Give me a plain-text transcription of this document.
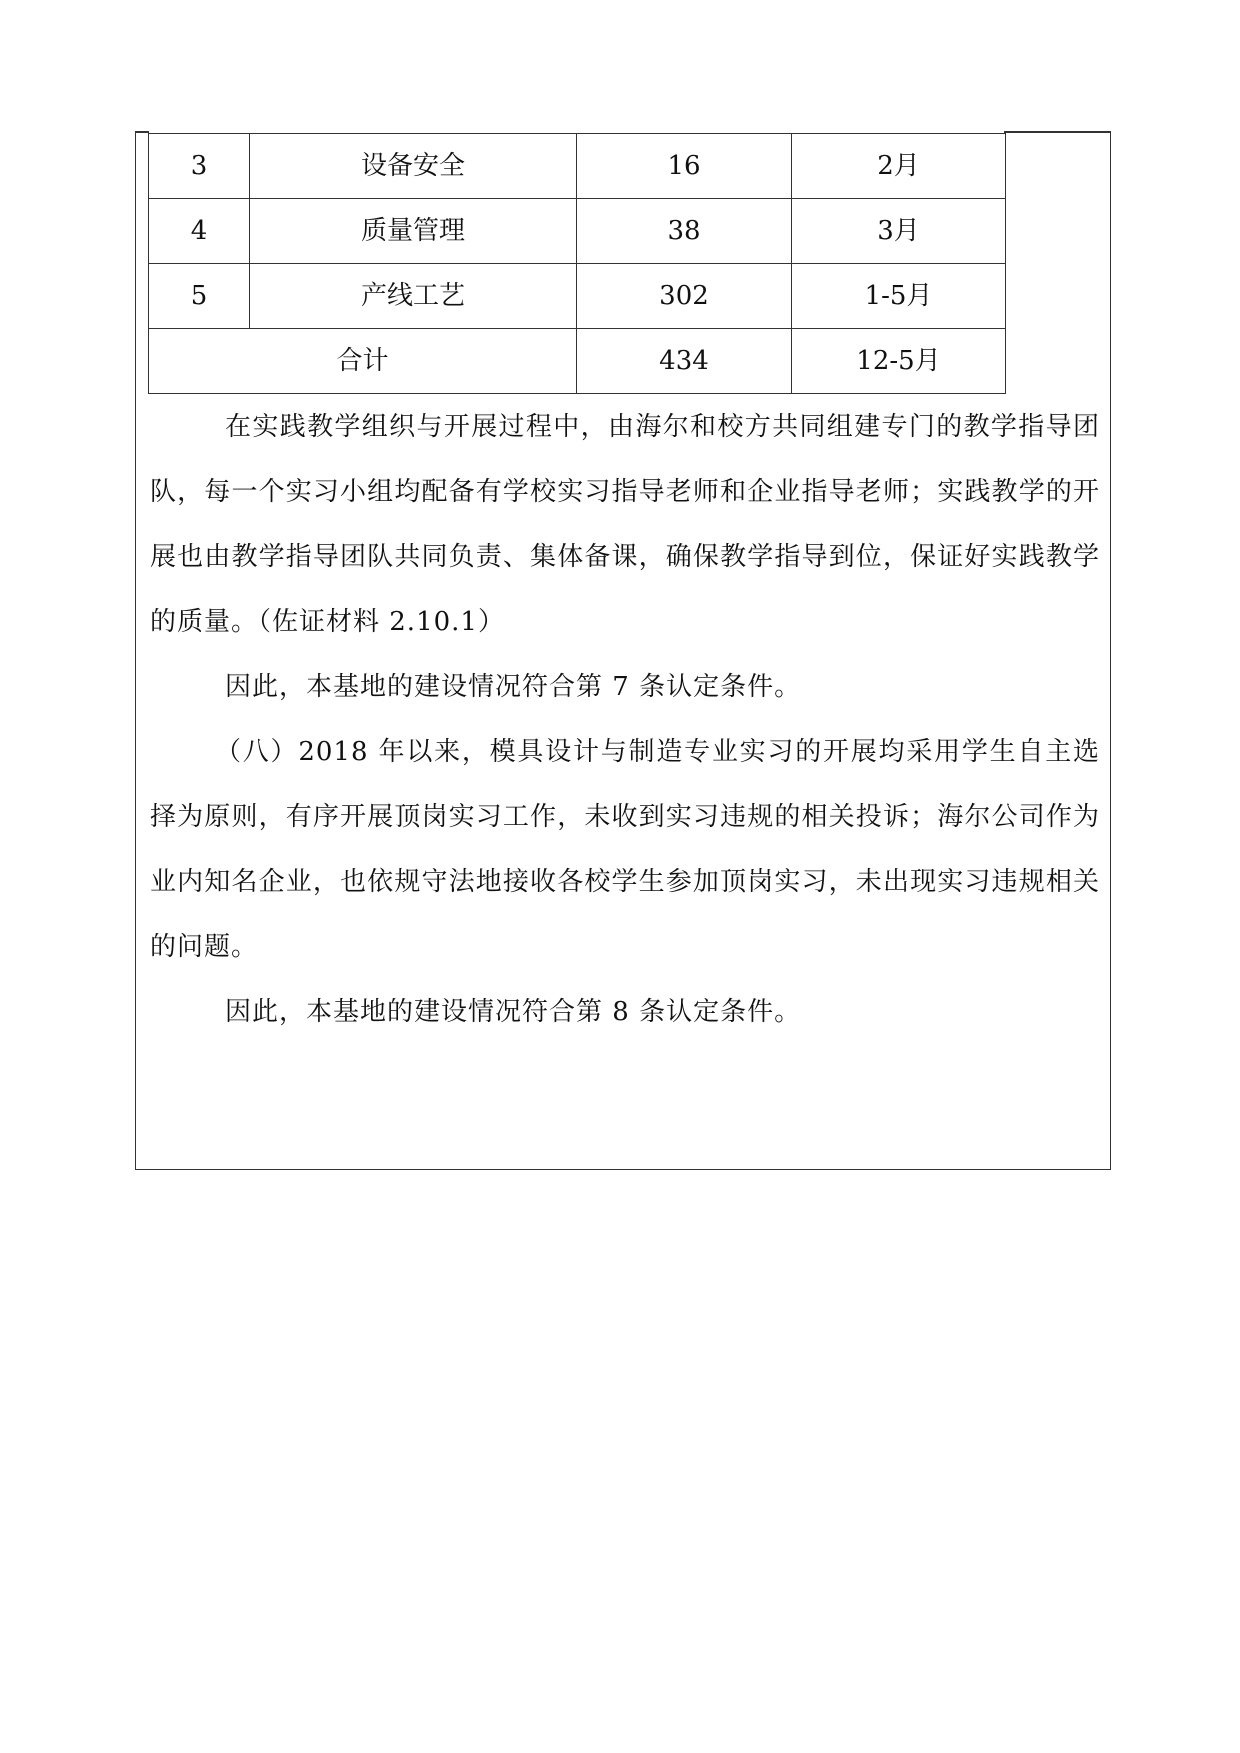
3	设备安全	16	2月
4	质量管理	38	3月
5	产线工艺	302	1-5月
合计		434	12-5月

在实践教学组织与开展过程中，由海尔和校方共同组建专门的教学指导团队，每一个实习小组均配备有学校实习指导老师和企业指导老师；实践教学的开展也由教学指导团队共同负责、集体备课，确保教学指导到位，保证好实践教学的质量。（佐证材料 2.10.1）

因此，本基地的建设情况符合第 7 条认定条件。

（八）2018 年以来，模具设计与制造专业实习的开展均采用学生自主选择为原则，有序开展顶岗实习工作，未收到实习违规的相关投诉；海尔公司作为业内知名企业，也依规守法地接收各校学生参加顶岗实习，未出现实习违规相关的问题。

因此，本基地的建设情况符合第 8 条认定条件。
